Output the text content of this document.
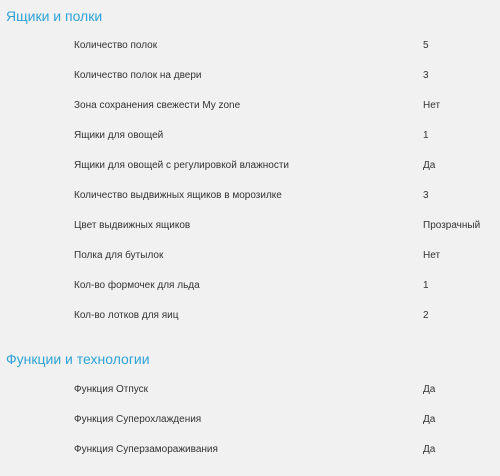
Ящики и полки
Количество полок	5
Количество полок на двери	3
Зона сохранения свежести My zone	Нет
Ящики для овощей	1
Ящики для овощей с регулировкой влажности	Да
Количество выдвижных ящиков в морозилке	3
Цвет выдвижных ящиков	Прозрачный
Полка для бутылок	Нет
Кол-во формочек для льда	1
Кол-во лотков для яиц	2
Функции и технологии
Функция Отпуск	Да
Функция Суперохлаждения	Да
Функция Суперзамораживания	Да
